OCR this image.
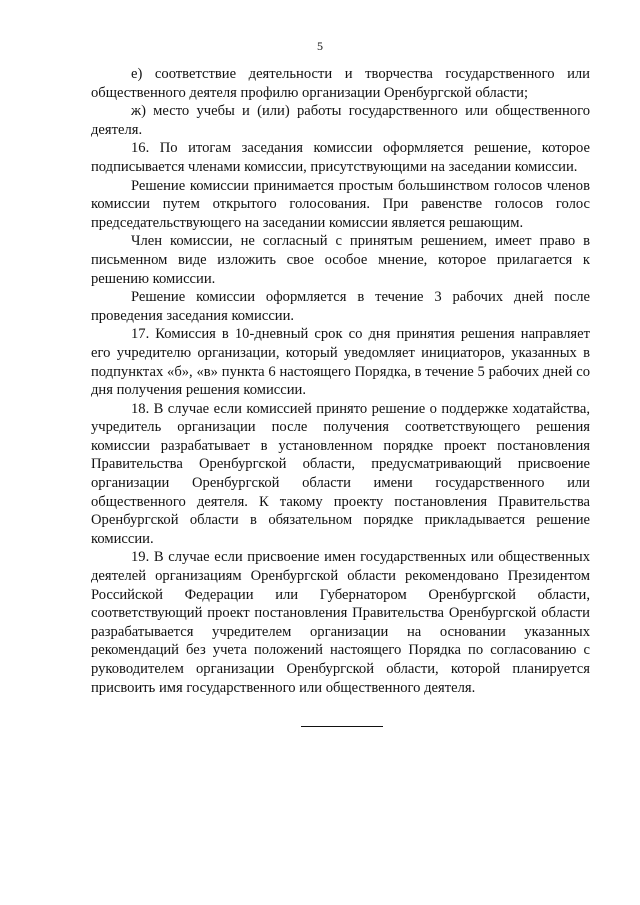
5

е) соответствие деятельности и творчества государственного или общественного деятеля профилю организации Оренбургской области;

ж) место учебы и (или) работы государственного или общественного деятеля.

16. По итогам заседания комиссии оформляется решение, которое подписывается членами комиссии, присутствующими на заседании комиссии.

Решение комиссии принимается простым большинством голосов членов комиссии путем открытого голосования. При равенстве голосов голос председательствующего на заседании комиссии является решающим.

Член комиссии, не согласный с принятым решением, имеет право в письменном виде изложить свое особое мнение, которое прилагается к решению комиссии.

Решение комиссии оформляется в течение 3 рабочих дней после проведения заседания комиссии.

17. Комиссия в 10-дневный срок со дня принятия решения направляет его учредителю организации, который уведомляет инициаторов, указанных в подпунктах «б», «в» пункта 6 настоящего Порядка, в течение 5 рабочих дней со дня получения решения комиссии.

18. В случае если комиссией принято решение о поддержке ходатайства, учредитель организации после получения соответствующего решения комиссии разрабатывает в установленном порядке проект постановления Правительства Оренбургской области, предусматривающий присвоение организации Оренбургской области имени государственного или общественного деятеля. К такому проекту постановления Правительства Оренбургской области в обязательном порядке прикладывается решение комиссии.

19. В случае если присвоение имен государственных или общественных деятелей организациям Оренбургской области рекомендовано Президентом Российской Федерации или Губернатором Оренбургской области, соответствующий проект постановления Правительства Оренбургской области разрабатывается учредителем организации на основании указанных рекомендаций без учета положений настоящего Порядка по согласованию с руководителем организации Оренбургской области, которой планируется присвоить имя государственного или общественного деятеля.
